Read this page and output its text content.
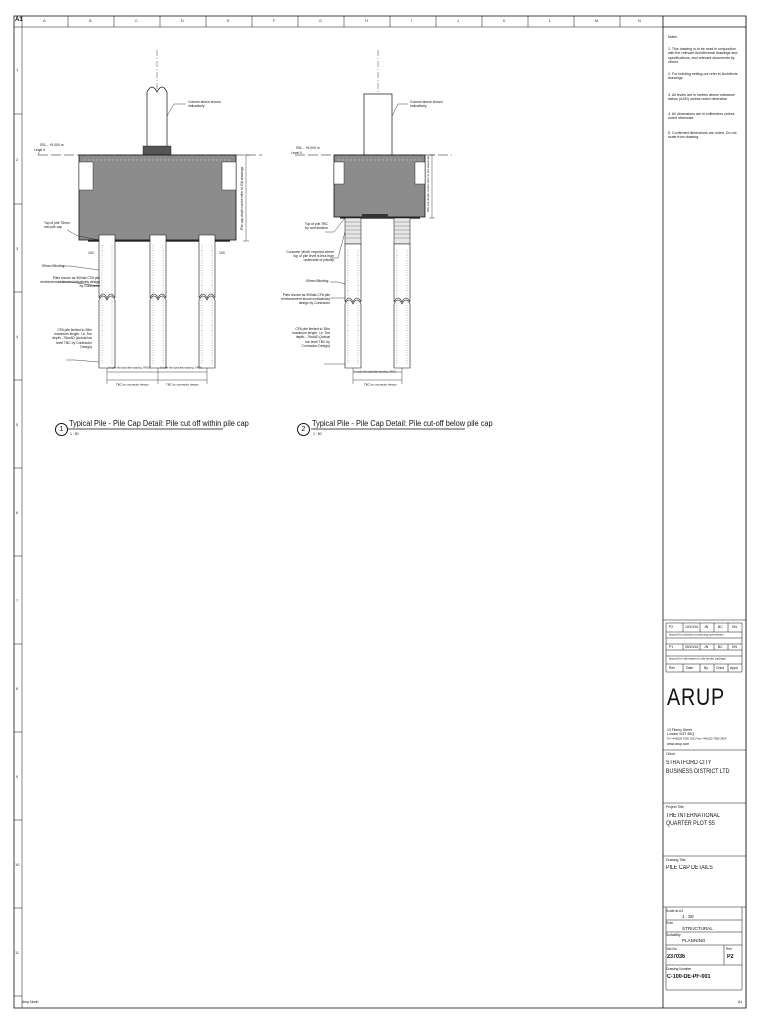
A1	A	B	C	D	E	F	G	H	I	J	K	L	M	N
1
2
3
4
5
6
7
8
9
10
11
Arup North	A1
Column above shown indicatively
SSL - +5.000 m
Level 0
Top of pile 75mm into pile cap
100	100
50mm Blinding
Piles shown as 900dia CFA pile reinforcement shown indicatively design by Contractor
CFA pile limited to 28m maximum length. I.e. Toe depth: -76mAD (Actual toe level TBC by Contractor Design)
3 x pile dia (typically spacing, UNO)	3 x pile dia (typically spacing, UNO)
TBC by contractor design	TBC by contractor design
Pile cap depth varies refer to GA drawings
1
Typical Pile - Pile Cap Detail: Pile cut off within pile cap
1 : 50
Column above shown indicatively
SSL - +5.000 m
Level 0
Top of pile TBC by construction
Concrete 'plinth' required where top of pile level is less than underside of pilecap
50mm Blinding
Piles shown as 900dia CFA pile reinforcement shown indicatively design by Contractor
CFA pile limited to 28m maximum length. I.e. Toe depth: -76mAD (Actual toe level TBC by Contractor Design)
3 x pile dia (typically spacing, UNO)
TBC by contractor design
Pile cap depth varies refer to GA drawings
2
Typical Pile - Pile Cap Detail: Pile cut-off below pile cap
1 : 50
Notes
1. This drawing is to be read in conjunction with the relevant Architectural drawings and specifications, and relevant documents by others.
2. For building setting-out refer to Architects drawings.
3. All levels are in metres above ordnance datum (AOD) unless noted otherwise.
4. All dimensions are in millimetres unless noted otherwise.
5. Confirmed dimensions are noted. Do not scale from drawing.
P2	10/10/16 JN	BC	DN
Issued for inclusion in planning submission
P1	05/10/16 JN	BC	DN
Issued for information to pile tender package
Rev	Date	By Chkd Appd
ARUP
13 Fitzroy Street London W1T 4BQ
Tel +44(0)20 7636 1531 Fax +44(0)20 7580 3924
www.arup.com
Client
STRATFORD CITY BUSINESS DISTRICT LTD
Project Title
THE INTERNATIONAL QUARTER PLOT S5
Drawing Title
PILE CAP DETAILS
Scale at A1
1 : 50
Role
STRUCTURAL
Suitability
PLANNING
Job No
237036
Rev
P2
Drawing Number
C-100-DE-PF-001
